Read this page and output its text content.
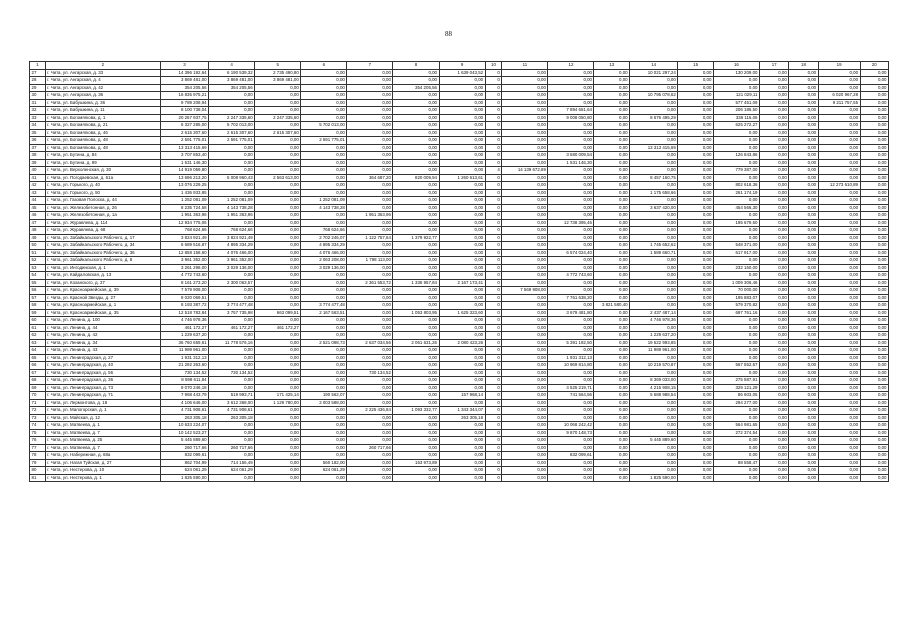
88
1	2	3	4	5	6	7	8	9	10	11	12	13	14	15	16	17	18	19	20
27	г. Чита, ул. Ангарская, д. 33	14 396 192,64	6 190 539,32	2 735 490,80	0,00	0,00	0,00	1 639 043,52	0	0,00	0,00	0,00	10 021 297,24	0,00	130 209,00	0,00	0,00	0,00	0,00
28	г. Чита, ул. Ангарская, д. 4	3 869 481,00	3 869 481,00	3 869 481,00	0,00	0,00	0,00	0,00	0	0,00	0,00	0,00	0,00	0,00	0,00	0,00	0,00	0,00	0,00
29	г. Чита, ул. Ангарская, д. 42	354 205,56	354 205,56	0,00	0,00	0,00	354 205,56	0,00	0	0,00	0,00	0,00	0,00	0,00	0,00	0,00	0,00	0,00	0,00
30	г. Чита, ул. Ангарская, д. 36	16 835 975,21	0,00	0,00	0,00	0,00	0,00	0,00	0	0,00	0,00	0,00	10 795 078,62	0,00	121 029,11	0,00	0,00	6 020 967,28	0,00
31	г. Чита, ул. Бабушкина, д. 36	9 789 208,94	0,00	0,00	0,00	0,00	0,00	0,00	0	0,00	0,00	0,00	0,00	0,00	577 451,09	0,00	0,00	9 211 757,55	0,00
32	г. Чита, ул. Бабушкина, д. 11	8 100 738,04	0,00	0,00	0,00	0,00	0,00	0,00	0	0,00	7 894 651,64	0,00	0,00	0,00	206 186,50	0,00	0,00	0,00	0,00
33	г. Чита, ул. Богомягкова, д. 1	20 267 937,75	2 247 335,60	2 247 335,60	0,00	0,00	0,00	0,00	0	0,00	9 008 050,80	0,00	8 676 495,29	0,00	336 116,06	0,00	0,00	0,00	0,00
34	г. Чита, ул. Богомягкова, д. 21	6 327 285,00	5 702 013,00	0,00	5 702 013,00	0,00	0,00	0,00	0	0,00	0,00	0,00	0,00	0,00	625 272,27	0,00	0,00	0,00	0,00
35	г. Чита, ул. Богомягкова, д. 46	2 615 307,60	2 615 307,60	2 615 307,60	0,00	0,00	0,00	0,00	0	0,00	0,00	0,00	0,00	0,00	0,00	0,00	0,00	0,00	0,00
36	г. Чита, ул. Богомягкова, д. 48	2 591 775,01	2 591 775,01	0,00	2 591 775,01	0,00	0,00	0,00	0	0,00	0,00	0,00	0,00	0,00	0,00	0,00	0,00	0,00	0,00
37	г. Чита, ул. Богомягкова, д. 48	13 313 415,69	0,00	0,00	0,00	0,00	0,00	0,00	0	0,00	0,00	0,00	13 313 415,69	0,00	0,00	0,00	0,00	0,00	0,00
38	г. Чита, ул. Бутина, д. 84	3 707 853,40	0,00	0,00	0,00	0,00	0,00	0,00	0	0,00	3 580 009,54	0,00	0,00	0,00	126 843,86	0,00	0,00	0,00	0,00
39	г. Чита, ул. Бутина, д. 99	1 531 146,30	0,00	0,00	0,00	0,00	0,00	0,00	0	0,00	1 531 146,30	0,00	0,00	0,00	0,00	0,00	0,00	0,00	0,00
40	г. Чита, ул. Верхоленская, д. 30	14 919 059,80	0,00	0,00	0,00	0,00	0,00	0,00	4	14 139 672,89	0,00	0,00	0,00	0,00	779 387,00	0,00	0,00	0,00	0,00
41	г. Чита, ул. Погодаевская, д. 61а	13 696 213,20	5 008 960,43	2 563 613,00	0,00	364 687,20	820 009,94	1 260 613,61	0	0,00	0,00	0,00	8 457 160,75	0,00	0,00	0,00	0,00	0,00	0,00
42	г. Чита, ул. Горького, д. 40	13 076 229,25	0,00	0,00	0,00	0,00	0,00	0,00	0	0,00	0,00	0,00	0,00	0,00	802 618,36	0,00	0,00	12 273 610,89	0,00
43	г. Чита, ул. Горького, д. 50	1 436 933,85	0,00	0,00	0,00	0,00	0,00	0,00	0	0,00	0,00	0,00	1 175 658,66	0,00	261 174,19	0,00	0,00	0,00	0,00
44	г. Чита, ул. Газовая Полоска, д. 44	1 252 081,09	1 252 081,09	0,00	1 252 081,09	0,00	0,00	0,00	0	0,00	0,00	0,00	0,00	0,00	0,00	0,00	0,00	0,00	0,00
45	г. Чита, ул. Железобетонная, д. 26	8 235 724,58	4 143 738,28	0,00	4 143 738,28	0,00	0,00	0,00	0	0,00	0,00	0,00	3 637 420,00	0,00	454 566,30	0,00	0,00	0,00	0,00
46	г. Чита, ул. Железобетонная, д. 1а	1 951 363,96	1 951 363,96	0,00	0,00	1 951 363,96	0,00	0,00	0	0,00	0,00	0,00	0,00	0,00	0,00	0,00	0,00	0,00	0,00
47	г. Чита, ул. Журавлева, д. 114	12 934 775,06	0,00	0,00	0,00	0,00	0,00	0,00	0	0,00	12 738 395,46	0,00	0,00	0,00	195 679,60	0,00	0,00	0,00	0,00
48	г. Чита, ул. Журавлева, д. 68	768 624,66	768 624,66	0,00	768 624,66	0,00	0,00	0,00	0	0,00	0,00	0,00	0,00	0,00	0,00	0,00	0,00	0,00	0,00
49	г. Чита, ул. Забайкальского Рабочего, д. 17	3 824 921,49	3 824 921,49	0,00	2 702 246,07	1 122 757,64	1 379 922,77	0,00	0	0,00	0,00	0,00	0,00	0,00	0,00	0,00	0,00	0,00	0,00
50	г. Чита, ул. Забайкальского Рабочего, д. 34	6 689 516,87	4 895 334,29	0,00	4 895 334,29	0,00	0,00	0,00	0	0,00	0,00	0,00	1 745 652,62	0,00	548 371,00	0,00	0,00	0,00	0,00
51	г. Чита, ул. Забайкальского Рабочего, д. 36	12 858 158,60	4 076 466,00	0,00	4 076 466,00	0,00	0,00	0,00	0	0,00	6 574 024,40	0,00	1 589 660,71	0,00	617 917,00	0,00	0,00	0,00	0,00
52	г. Чита, ул. Забайкальского Рабочего, д. 8	3 961 352,00	3 961 352,00	0,00	2 063 208,00	1 798 113,00	0,00	0,00	0	0,00	0,00	0,00	0,00	0,00	0,00	0,00	0,00	0,00	0,00
53	г. Чита, ул. Ингодинская, д. 1	3 261 298,00	3 029 136,00	0,00	3 029 136,00	0,00	0,00	0,00	0	0,00	0,00	0,00	0,00	0,00	232 160,00	0,00	0,00	0,00	0,00
54	г. Чита, ул. Кайдаловская, д. 13	4 772 743,60	0,00	0,00	0,00	0,00	0,00	0,00	0	0,00	4 772 743,60	0,00	0,00	0,00	0,00	0,00	0,00	0,00	0,00
55	г. Чита, ул. Коханского, д. 27	8 161 273,20	2 300 063,57	0,00	0,00	2 361 553,72	1 336 957,84	2 167 173,41	0	0,00	0,00	0,00	0,00	0,00	1 009 306,46	0,00	0,00	0,00	0,00
56	г. Чита, ул. Красноармейская, д. 39	7 579 908,00	0,00	0,00	0,00	0,00	0,00	0,00	0	7 569 908,00	0,00	0,00	0,00	0,00	70 000,00	0,00	0,00	0,00	0,00
57	г. Чита, ул. Красной Звезды, д. 27	8 020 069,51	0,00	0,00	0,00	0,00	0,00	0,00	0	0,00	7 761 638,20	0,00	0,00	0,00	195 883,07	0,00	0,00	0,00	0,00
58	г. Чита, ул. Красноармейская, д. 1	8 193 387,72	3 774 477,48	0,00	3 774 477,48	0,00	0,00	0,00	0	0,00	0,00	3 821 580,40	0,00	0,00	579 370,82	0,00	0,00	0,00	0,00
59	г. Чита, ул. Красноармейская, д. 35	12 518 783,84	3 757 735,98	663 099,51	2 167 563,51	0,00	1 053 803,95	1 625 323,60	0	0,00	3 679 481,80	0,00	2 437 487,14	0,00	697 761,16	0,00	0,00	0,00	0,00
60	г. Чита, ул. Ленина, д. 100	4 746 978,36	0,00	0,00	0,00	0,00	0,00	0,00	0	0,00	0,00	0,00	4 746 978,36	0,00	0,00	0,00	0,00	0,00	0,00
61	г. Чита, ул. Ленина, д. 44	461 172,27	461 172,27	461 172,27	0,00	0,00	0,00	0,00	0	0,00	0,00	0,00	0,00	0,00	0,00	0,00	0,00	0,00	0,00
62	г. Чита, ул. Ленина, д. 42	1 229 637,20	0,00	0,00	0,00	0,00	0,00	0,00	0	0,00	0,00	0,00	1 229 637,20	0,00	0,00	0,00	0,00	0,00	0,00
63	г. Чита, ул. Ленина, д. 34	36 760 659,61	11 778 576,16	0,00	2 521 098,73	2 637 034,56	2 061 631,26	2 080 423,26	0	0,00	5 391 192,50	0,00	19 622 993,85	0,00	0,00	0,00	0,00	0,00	0,00
64	г. Чита, ул. Ленина, д. 43	11 989 961,00	0,00	0,00	0,00	0,00	0,00	0,00	0	0,00	0,00	0,00	11 989 961,00	0,00	0,00	0,00	0,00	0,00	0,00
65	г. Чита, ул. Ленинградская, д. 27	1 931 312,13	0,00	0,00	0,00	0,00	0,00	0,00	0	0,00	1 931 312,13	0,00	0,00	0,00	0,00	0,00	0,00	0,00	0,00
66	г. Чита, ул. Ленинградская, д. 40	21 292 363,60	0,00	0,00	0,00	0,00	0,00	0,00	0	0,00	10 969 814,80	0,00	10 219 570,87	0,00	567 552,67	0,00	0,00	0,00	0,00
67	г. Чита, ул. Ленинградская, д. 56	730 134,52	730 134,52	0,00	0,00	730 134,52	0,00	0,00	0	0,00	0,00	0,00	0,00	0,00	0,00	0,00	0,00	0,00	0,00
68	г. Чита, ул. Ленинградская, д. 36	8 598 611,84	0,00	0,00	0,00	0,00	0,00	0,00	0	0,00	0,00	0,00	8 369 033,00	0,00	275 587,91	0,00	0,00	0,00	0,00
69	г. Чита, ул. Ленинградская, д. 73	9 070 246,18	0,00	0,00	0,00	0,00	0,00	0,00	0	0,00	4 525 219,71	0,00	4 215 908,15	0,00	329 121,29	0,00	0,00	0,00	0,00
70	г. Чита, ул. Ленинградская, д. 71	7 968 443,79	519 993,71	171 425,14	190 562,07	0,00	0,00	157 968,14	0	0,00	741 564,56	0,00	5 688 988,54	0,00	86 603,05	0,00	0,00	0,00	0,00
71	г. Чита, ул. Лермонтова, д. 18	4 106 646,00	3 612 368,00	1 129 780,00	2 003 588,00	0,00	0,00	0,00	0	0,00	0,00	0,00	0,00	0,00	294 277,00	0,00	0,00	0,00	0,00
72	г. Чита, ул. Малогорская, д. 1	4 731 908,61	4 731 908,61	0,00	0,00	2 225 436,84	1 093 332,77	1 343 344,07	0	0,00	0,00	0,00	0,00	0,00	0,00	0,00	0,00	0,00	0,00
73	г. Чита, ул. Майская, д. 12	263 305,18	263 305,18	0,00	0,00	0,00	0,00	263 305,18	0	0,00	0,00	0,00	0,00	0,00	0,00	0,00	0,00	0,00	0,00
74	г. Чита, ул. Матвеева, д. 1	10 633 224,07	0,00	0,00	0,00	0,00	0,00	0,00	0	0,00	10 068 242,42	0,00	0,00	0,00	564 981,65	0,00	0,00	0,00	0,00
75	г. Чита, ул. Матвеева, д. 7	10 142 523,27	0,00	0,00	0,00	0,00	0,00	0,00	0	0,00	9 870 148,73	0,00	0,00	0,00	272 374,54	0,00	0,00	0,00	0,00
76	г. Чита, ул. Матвеева, д. 25	5 445 889,60	0,00	0,00	0,00	0,00	0,00	0,00	0	0,00	0,00	0,00	5 445 889,60	0,00	0,00	0,00	0,00	0,00	0,00
77	г. Чита, ул. Матвеева, д. 7	260 717,66	260 717,66	0,00	0,00	260 717,66	0,00	0,00	0	0,00	0,00	0,00	0,00	0,00	0,00	0,00	0,00	0,00	0,00
78	г. Чита, ул. Набережная, д. 68а	832 099,61	0,00	0,00	0,00	0,00	0,00	0,00	0	0,00	832 099,61	0,00	0,00	0,00	0,00	0,00	0,00	0,00	0,00
79	г. Чита, ул. Нагая Туйская, д. 27	862 704,99	714 156,49	0,00	560 182,00	0,00	153 973,89	0,00	0	0,00	0,00	0,00	0,00	0,00	88 558,47	0,00	0,00	0,00	0,00
80	г. Чита, ул. Нестерова, д. 10	624 061,29	624 061,29	0,00	624 061,29	0,00	0,00	0,00	0	0,00	0,00	0,00	0,00	0,00	0,00	0,00	0,00	0,00	0,00
81	г. Чита, ул. Нестерова, д. 1	1 825 590,00	0,00	0,00	0,00	0,00	0,00	0,00	0	0,00	0,00	0,00	1 825 590,00	0,00	0,00	0,00	0,00	0,00	0,00
